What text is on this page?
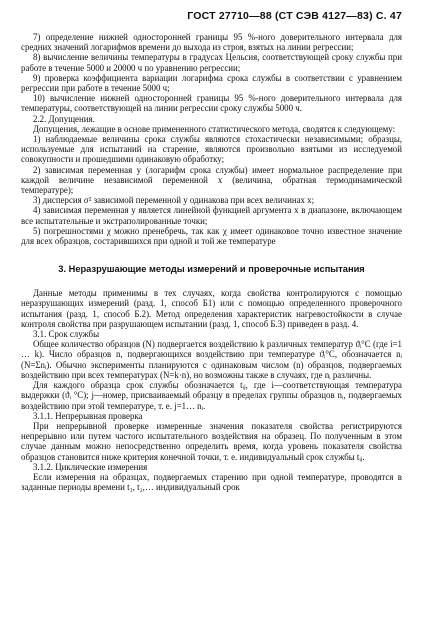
ГОСТ 27710—88 (СТ СЭВ 4127—83) С. 47

7) определение нижней односторонней границы 95 %-ного доверительного интервала для средних значений логарифмов времени до выхода из строя, взятых на линии регрессии;

8) вычисление величины температуры в градусах Цельсия, соответствующей сроку службы при работе в течение 5000 и 20000 ч по уравнению регрессии;

9) проверка коэффициента вариации логарифма срока службы в соответствии с уравнением регрессии при работе в течение 5000 ч;

10) вычисление нижней односторонней границы 95 %-ного доверительного интервала для температуры, соответствующей на линии регрессии сроку службы 5000 ч.

2.2. Допущения.

Допущения, лежащие в основе примененного статистического метода, сводятся к следующему:

1) наблюдаемые величины срока службы являются стохастически независимыми; образцы, используемые для испытаний на старение, являются произвольно взятыми из исследуемой совокупности и прошедшими одинаковую обработку;

2) зависимая переменная y (логарифм срока службы) имеет нормальное распределение при каждой величине независимой переменной x (величина, обратная термодинамической температуре);

3) дисперсия σ² зависимой переменной y одинакова при всех величинах x;

4) зависимая переменная y является линейной функцией аргумента x в диапазоне, включающем все испытательные и экстраполированные точки;

5) погрешностями χ можно пренебречь, так как χ имеет одинаковое точно известное значение для всех образцов, состарившихся при одной и той же температуре

3. Неразрушающие методы измерений и проверочные испытания

Данные методы применимы в тех случаях, когда свойства контролируются с помощью неразрушающих измерений (разд. 1, способ Б1) или с помощью определенного проверочного испытания (разд. 1, способ Б.2). Метод определения характеристик нагревостойкости в случае контроля свойства при разрушающем испытании (разд. 1, способ Б.3) приведен в разд. 4.

3.1. Срок службы

Общее количество образцов (N) подвергается воздействию k различных температур ϑᵢ°С (где i=1 … k). Число образцов n, подвергающихся воздействию при температуре ϑᵢ°С, обозначается nᵢ (N=Σnᵢ). Обычно эксперименты планируются с одинаковым числом (n) образцов, подвергаемых воздействию при всех температурах (N=k·n), но возможны также в случаях, где nᵢ различны.

Для каждого образца срок службы обозначается tᵢⱼ, где i—соответствующая температура выдержки (ϑᵢ °С); j—номер, присваиваемый образцу в пределах группы образцов nᵢ, подвергаемых воздействию при этой температуре, т. е. j=1… nᵢ.

3.1.1. Непрерывная проверка

При непрерывной проверке измеренные значения показателя свойства регистрируются непрерывно или путем частого испытательного воздействия на образец. По полученным в этом случае данным можно непосредственно определить время, когда уровень показателя свойства образцов становится ниже критерия конечной точки, т. е. индивидуальный срок службы tᵢⱼ.

3.1.2. Циклические измерения

Если измерения на образцах, подвергаемых старению при одной температуре, проводятся в заданные периоды времени t₁, t₂,… индивидуальный срок
